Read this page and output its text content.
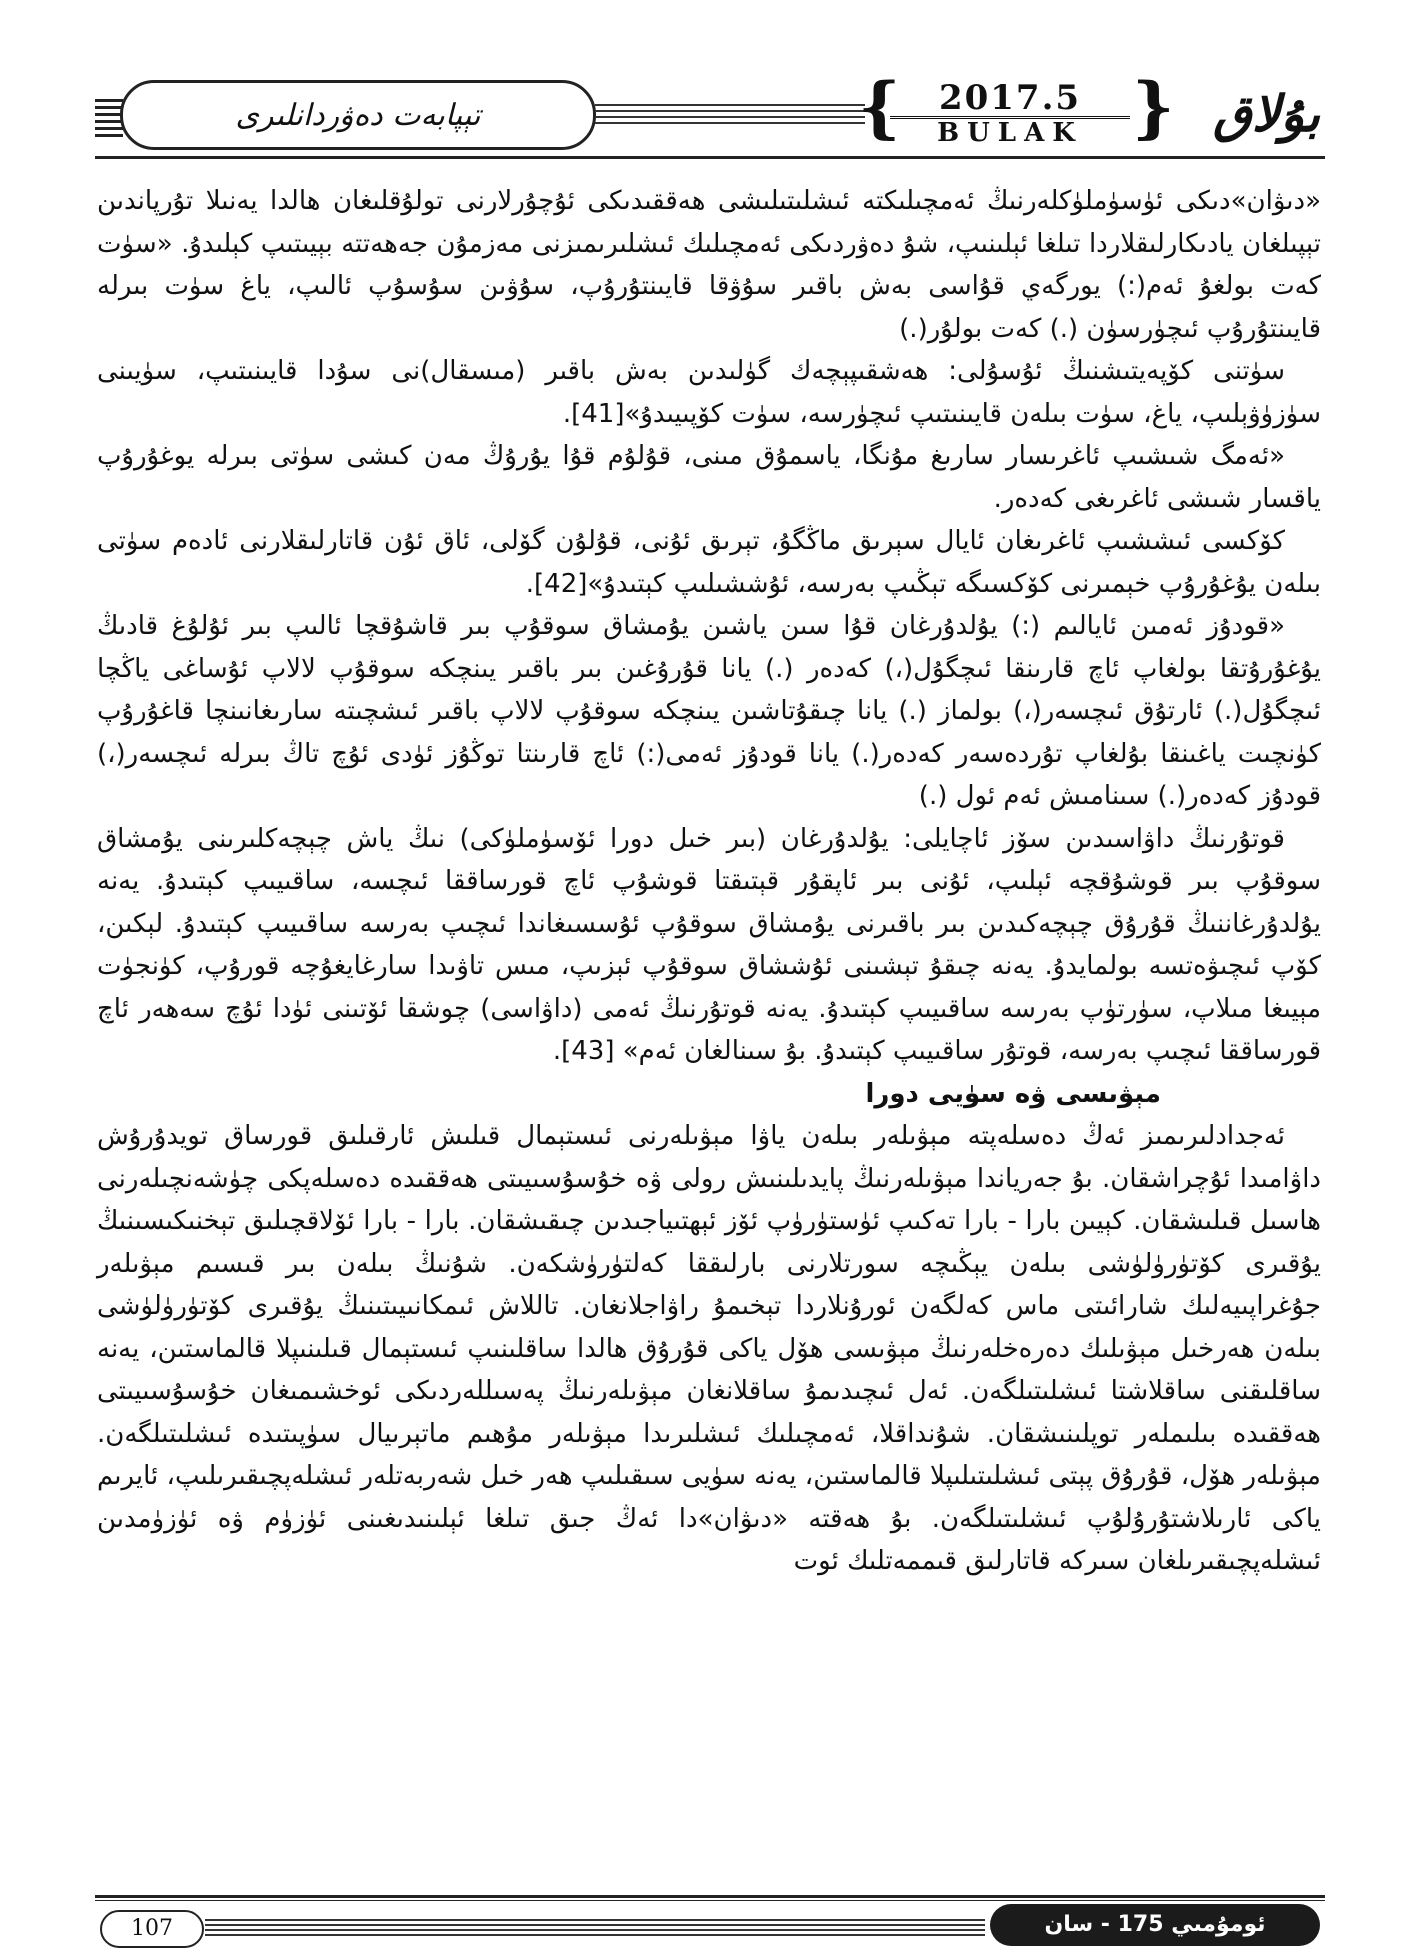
تېپابەت دەۋردانلىرى	{	2017.5
BULAK } بۇلاق

«دىۋان»دىكى ئۈسۈملۈكلەرنىڭ ئەمچىلىكتە ئىشلىتىلىشى ھەققىدىكى ئۇچۇرلارنى تولۇقلىغان ھالدا يەنىلا تۇرپاندىن تېپىلغان يادىكارلىقلاردا تىلغا ئېلىنىپ، شۇ دەۋردىكى ئەمچىلىك ئىشلىرىمىزنى مەزمۇن جەھەتتە بېيىتىپ كېلىدۇ. «سۈت كەت بولغۇ ئەم(:) يورگەي قۇاسى بەش باقىر سۇۋقا قايىنتۇرۇپ، سۇۋىن سۇسۇپ ئالىپ، ياغ سۈت بىرلە قايىنتۇرۇپ ئىچۈرسۈن (.) كەت بولۇر(.)

سۈتنى كۆپەيتىشنىڭ ئۇسۇلى: ھەشقىپېچەك گۈلىدىن بەش باقىر (مىسقال)نى سۇدا قايىنىتىپ، سۈيىنى سۈزۈۋېلىپ، ياغ، سۈت بىلەن قايىنىتىپ ئىچۈرسە، سۈت كۆپىيىدۇ»[41].

«ئەمگ شىشىپ ئاغرىسار سارىغ مۇنگا، ياسمۇق مىنى، قۇلۇم قۇا يۇرۇڭ مەن كىشى سۈتى بىرلە يوغۇرۇپ ياقسار شىشى ئاغرىغى كەدەر.

كۆكسى ئىششىپ ئاغرىغان ئايال سېرىق ماڭگۇ، تېرىق ئۇنى، قۇلۇن گۆلى، ئاق ئۇن قاتارلىقلارنى ئادەم سۈتى بىلەن يۇغۇرۇپ خېمىرنى كۆكسىگە تېڭىپ بەرسە، ئۇششىلىپ كېتىدۇ»[42].

«قودۇز ئەمىن ئايالىم (:) يۇلدۇرغان قۇا سىن ياشىن يۇمشاق سوقۇپ بىر قاشۇقچا ئالىپ بىر ئۇلۇغ قادىڭ يۇغۇرۇتقا بولغاپ ئاچ قارىنقا ئىچگۇل(،) كەدەر (.) يانا قۇرۇغىن بىر باقىر يىنچكە سوقۇپ لالاپ ئۇساغى ياڭچا ئىچگۇل(.) ئارتۇق ئىچسەر(،) بولماز (.) يانا چىقۇتاشىن يىنچكە سوقۇپ لالاپ باقىر ئىشچىتە سارىغانىنچا قاغۇرۇپ كۈنچىت ياغىنقا بۇلغاپ تۇردەسەر كەدەر(.) يانا قودۇز ئەمى(:) ئاچ قارىنتا توڭۇز ئۈدى ئۇچ تاڭ بىرلە ئىچسەر(،) قودۇز كەدەر(.) سىنامىش ئەم ئول (.)

قوتۇرنىڭ داۋاسىدىن سۆز ئاچايلى: يۇلدۇرغان (بىر خىل دورا ئۆسۈملۈكى) نىڭ ياش چېچەكلىرىنى يۇمشاق سوقۇپ بىر قوشۇقچە ئېلىپ، ئۇنى بىر ئاپقۇر قېتىقتا قوشۇپ ئاچ قورساققا ئىچسە، ساقىيىپ كېتىدۇ. يەنە يۇلدۇرغاننىڭ قۇرۇق چېچەكىدىن بىر باقىرنى يۇمشاق سوقۇپ ئۇسسىغاندا ئىچىپ بەرسە ساقىيىپ كېتىدۇ. لېكىن، كۆپ ئىچىۋەتسە بولمايدۇ. يەنە چىقۇ تېشىنى ئۇششاق سوقۇپ ئېزىپ، مىس تاۋىدا سارغايغۇچە قورۇپ، كۈنجۈت مېيىغا مىلاپ، سۈرتۈپ بەرسە ساقىيىپ كېتىدۇ. يەنە قوتۇرنىڭ ئەمى (داۋاسى) چوشقا ئۆتىنى ئۈدا ئۇچ سەھەر ئاچ قورساققا ئىچىپ بەرسە، قوتۇر ساقىيىپ كېتىدۇ. بۇ سىنالغان ئەم» [43].

مېۋىسى ۋە سۈيى دورا

ئەجدادلىرىمىز ئەڭ دەسلەپتە مېۋىلەر بىلەن ياۋا مېۋىلەرنى ئىستېمال قىلىش ئارقىلىق قورساق تويدۇرۇش داۋامىدا ئۇچراشقان. بۇ جەرياندا مېۋىلەرنىڭ پايدىلىنىش رولى ۋە خۇسۇسىيىتى ھەققىدە دەسلەپكى چۈشەنچىلەرنى ھاسىل قىلىشقان. كېيىن بارا - بارا تەكىپ ئۈستۈرۈپ ئۆز ئېھتىياجىدىن چىقىشقان. بارا - بارا ئۆلاقچىلىق تېخنىكىسىنىڭ يۇقىرى كۆتۈرۈلۈشى بىلەن يېڭىچە سورتلارنى بارلىققا كەلتۈرۈشكەن. شۇنىڭ بىلەن بىر قىسىم مېۋىلەر جۇغراپىيەلىك شارائىتى ماس كەلگەن ئورۇنلاردا تېخىمۇ راۋاجلانغان. تاللاش ئىمكانىيىتىنىڭ يۇقىرى كۆتۈرۈلۈشى بىلەن ھەرخىل مېۋىلىك دەرەخلەرنىڭ مېۋىسى ھۆل ياكى قۇرۇق ھالدا ساقلىنىپ ئىستېمال قىلىنىپلا قالماستىن، يەنە ساقلىقنى ساقلاشتا ئىشلىتىلگەن. ئەل ئىچىدىمۇ ساقلانغان مېۋىلەرنىڭ پەسىللەردىكى ئوخشىمىغان خۇسۇسىيىتى ھەققىدە بىلىملەر توپلىنىشقان. شۇنداقلا، ئەمچىلىك ئىشلىرىدا مېۋىلەر مۇھىم ماتېرىيال سۈپىتىدە ئىشلىتىلگەن. مېۋىلەر ھۆل، قۇرۇق پېتى ئىشلىتىلىپلا قالماستىن، يەنە سۈيى سىقىلىپ ھەر خىل شەربەتلەر ئىشلەپچىقىرىلىپ، ئايرىم ياكى ئارىلاشتۇرۇلۇپ ئىشلىتىلگەن. بۇ ھەقتە «دىۋان»دا ئەڭ جىق تىلغا ئېلىنىدىغىنى ئۈزۈم ۋە ئۈزۈمدىن ئىشلەپچىقىرىلغان سىركە قاتارلىق قىممەتلىك ئوت

107	ئومۇمىي 175 - سان
